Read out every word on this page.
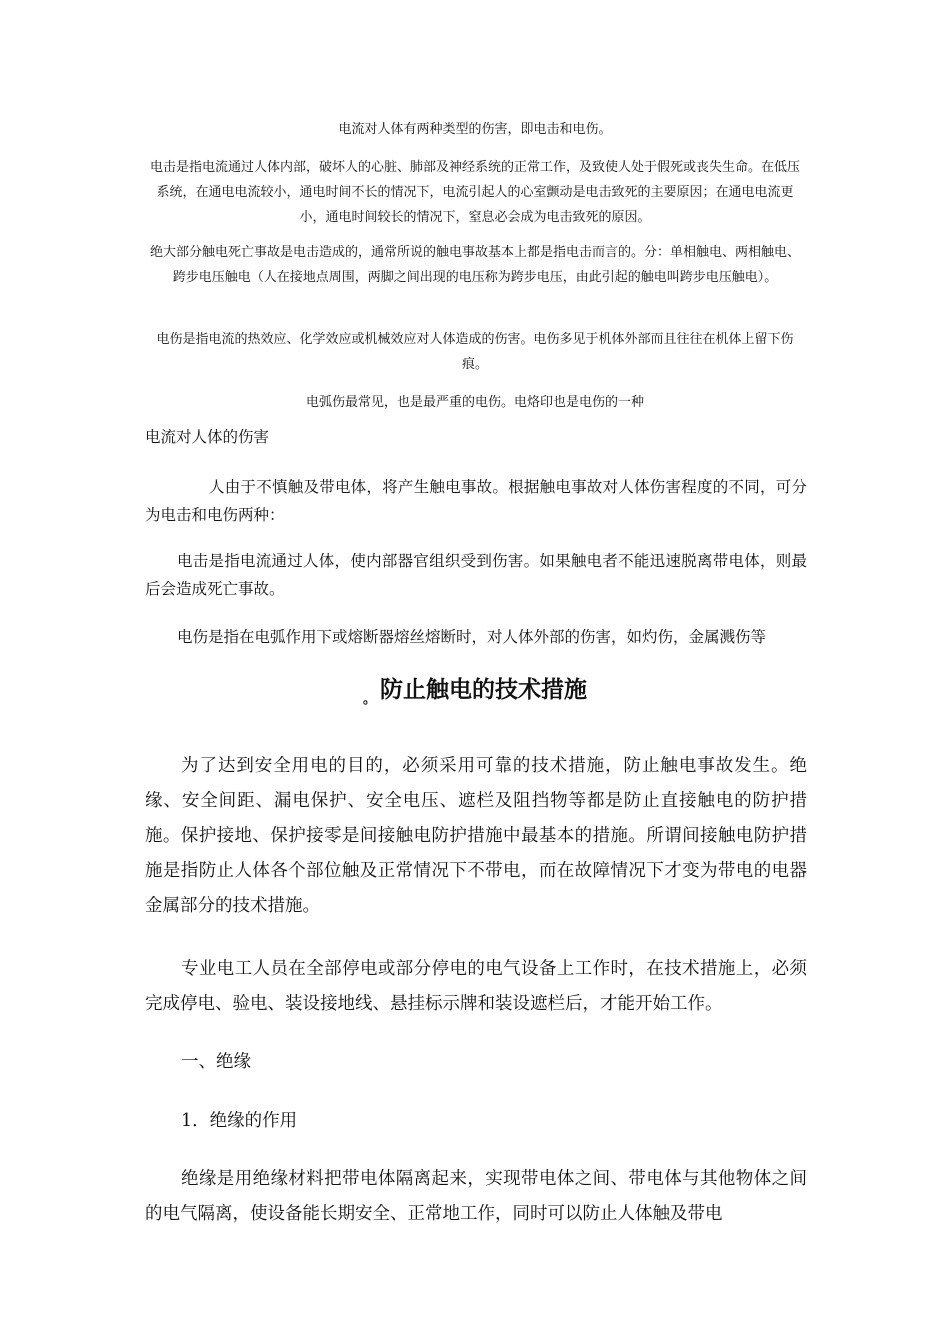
电流对人体有两种类型的伤害，即电击和电伤。

电击是指电流通过人体内部，破坏人的心脏、肺部及神经系统的正常工作，及致使人处于假死或丧失生命。在低压系统，在通电电流较小，通电时间不长的情况下，电流引起人的心室颤动是电击致死的主要原因；在通电电流更小，通电时间较长的情况下，窒息必会成为电击致死的原因。

绝大部分触电死亡事故是电击造成的，通常所说的触电事故基本上都是指电击而言的。分：单相触电、两相触电、跨步电压触电（人在接地点周围，两脚之间出现的电压称为跨步电压，由此引起的触电叫跨步电压触电）。

电伤是指电流的热效应、化学效应或机械效应对人体造成的伤害。电伤多见于机体外部而且往往在机体上留下伤痕。

电弧伤最常见，也是最严重的电伤。电烙印也是电伤的一种

电流对人体的伤害

人由于不慎触及带电体，将产生触电事故。根据触电事故对人体伤害程度的不同，可分为电击和电伤两种：

电击是指电流通过人体，使内部器官组织受到伤害。如果触电者不能迅速脱离带电体，则最后会造成死亡事故。

电伤是指在电弧作用下或熔断器熔丝熔断时，对人体外部的伤害，如灼伤，金属溅伤等

$_。$ 防止触电的技术措施

为了达到安全用电的目的，必须采用可靠的技术措施，防止触电事故发生。绝缘、安全间距、漏电保护、安全电压、遮栏及阻挡物等都是防止直接触电的防护措施。保护接地、保护接零是间接触电防护措施中最基本的措施。所谓间接触电防护措施是指防止人体各个部位触及正常情况下不带电，而在故障情况下才变为带电的电器金属部分的技术措施。

专业电工人员在全部停电或部分停电的电气设备上工作时，在技术措施上，必须完成停电、验电、装设接地线、悬挂标示牌和装设遮栏后，才能开始工作。

一、绝缘

1．绝缘的作用

绝缘是用绝缘材料把带电体隔离起来，实现带电体之间、带电体与其他物体之间的电气隔离，使设备能长期安全、正常地工作，同时可以防止人体触及带电
